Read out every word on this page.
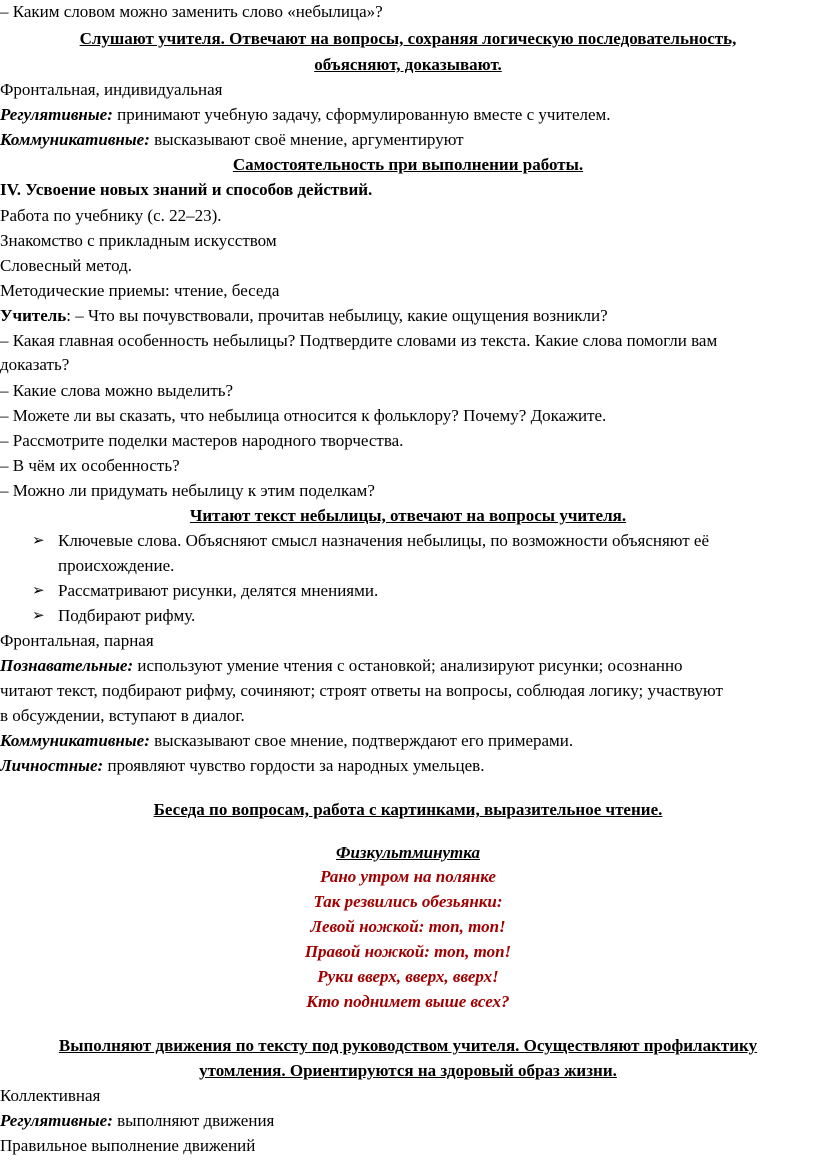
– Каким словом можно заменить слово «небылица»?
Слушают учителя. Отвечают на вопросы, сохраняя логическую последовательность,
объясняют, доказывают.
Фронтальная, индивидуальная
Регулятивные: принимают учебную задачу, сформулированную вместе с учителем.
Коммуникативные: высказывают своё мнение, аргументируют
Самостоятельность при выполнении работы.
IV. Усвоение новых знаний и способов действий.
Работа по учебнику (с. 22–23).
Знакомство с прикладным искусством
Словесный метод.
Методические приемы: чтение, беседа
Учитель: – Что вы почувствовали, прочитав небылицу, какие ощущения возникли?
– Какая главная особенность небылицы? Подтвердите словами из текста. Какие слова помогли вам
доказать?
– Какие слова можно выделить?
– Можете ли вы сказать, что небылица относится к фольклору? Почему? Докажите.
– Рассмотрите поделки мастеров народного творчества.
– В чём их особенность?
– Можно ли придумать небылицу к этим поделкам?
Читают текст небылицы, отвечают на вопросы учителя.
➢ Ключевые слова. Объясняют смысл назначения небылицы, по возможности объясняют её
происхождение.
➢ Рассматривают рисунки, делятся мнениями.
➢ Подбирают рифму.
Фронтальная, парная
Познавательные: используют умение чтения с остановкой; анализируют рисунки; осознанно
читают текст, подбирают рифму, сочиняют; строят ответы на вопросы, соблюдая логику; участвуют
в обсуждении, вступают в диалог.
Коммуникативные: высказывают свое мнение, подтверждают его примерами.
Личностные: проявляют чувство гордости за народных умельцев.
Беседа по вопросам, работа с картинками, выразительное чтение.
Физкультминутка
Рано утром на полянке
Так резвились обезьянки:
Левой ножкой: топ, топ!
Правой ножкой: топ, топ!
Руки вверх, вверх, вверх!
Кто поднимет выше всех?
Выполняют движения по тексту под руководством учителя. Осуществляют профилактику
утомления. Ориентируются на здоровый образ жизни.
Коллективная
Регулятивные: выполняют движения
Правильное выполнение движений
